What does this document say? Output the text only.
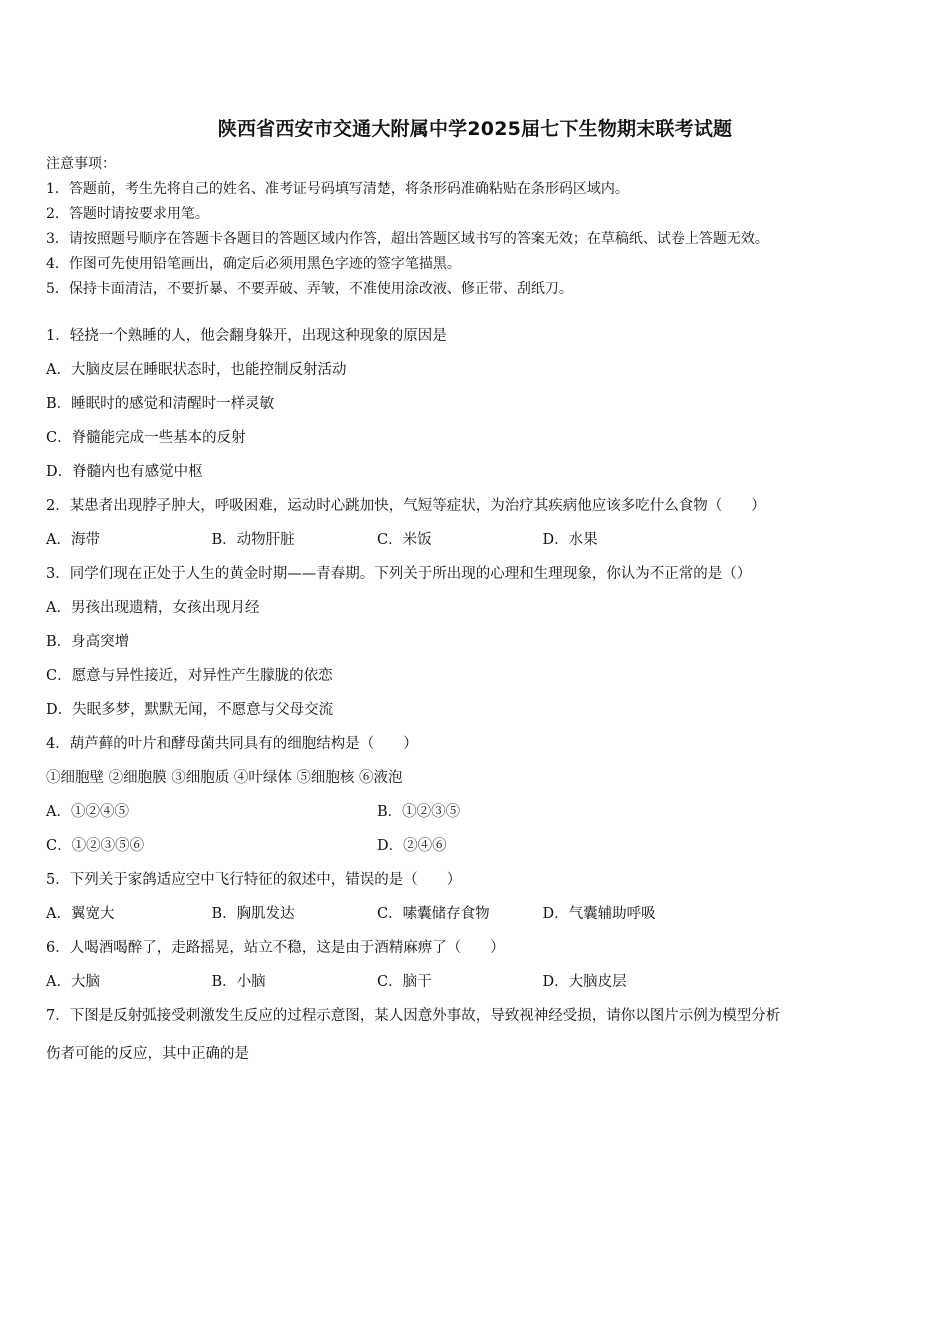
陕西省西安市交通大附属中学2025届七下生物期末联考试题
注意事项：
1．答题前，考生先将自己的姓名、准考证号码填写清楚，将条形码准确粘贴在条形码区域内。
2．答题时请按要求用笔。
3．请按照题号顺序在答题卡各题目的答题区域内作答，超出答题区域书写的答案无效；在草稿纸、试卷上答题无效。
4．作图可先使用铅笔画出，确定后必须用黑色字迹的签字笔描黑。
5．保持卡面清洁，不要折暴、不要弄破、弄皱，不准使用涂改液、修正带、刮纸刀。
1．轻挠一个熟睡的人，他会翻身躲开，出现这种现象的原因是
A．大脑皮层在睡眠状态时，也能控制反射活动
B．睡眠时的感觉和清醒时一样灵敏
C．脊髓能完成一些基本的反射
D．脊髓内也有感觉中枢
2．某患者出现脖子肿大，呼吸困难，运动时心跳加快，气短等症状，为治疗其疾病他应该多吃什么食物（　　）
A．海带	B．动物肝脏	C．米饭	D．水果
3．同学们现在正处于人生的黄金时期——青春期。下列关于所出现的心理和生理现象，你认为不正常的是（）
A．男孩出现遗精，女孩出现月经
B．身高突增
C．愿意与异性接近，对异性产生朦胧的依恋
D．失眠多梦，默默无闻，不愿意与父母交流
4．葫芦藓的叶片和酵母菌共同具有的细胞结构是（　　）
①细胞壁 ②细胞膜 ③细胞质 ④叶绿体 ⑤细胞核 ⑥液泡
A．①②④⑤	B．①②③⑤
C．①②③⑤⑥	D．②④⑥
5．下列关于家鸽适应空中飞行特征的叙述中，错误的是（　　）
A．翼宽大	B．胸肌发达	C．嗉囊储存食物	D．气囊辅助呼吸
6．人喝酒喝醉了，走路摇晃，站立不稳，这是由于酒精麻痹了（　　）
A．大脑	B．小脑	C．脑干	D．大脑皮层
7．下图是反射弧接受刺激发生反应的过程示意图，某人因意外事故，导致视神经受损，请你以图片示例为模型分析
伤者可能的反应，其中正确的是
